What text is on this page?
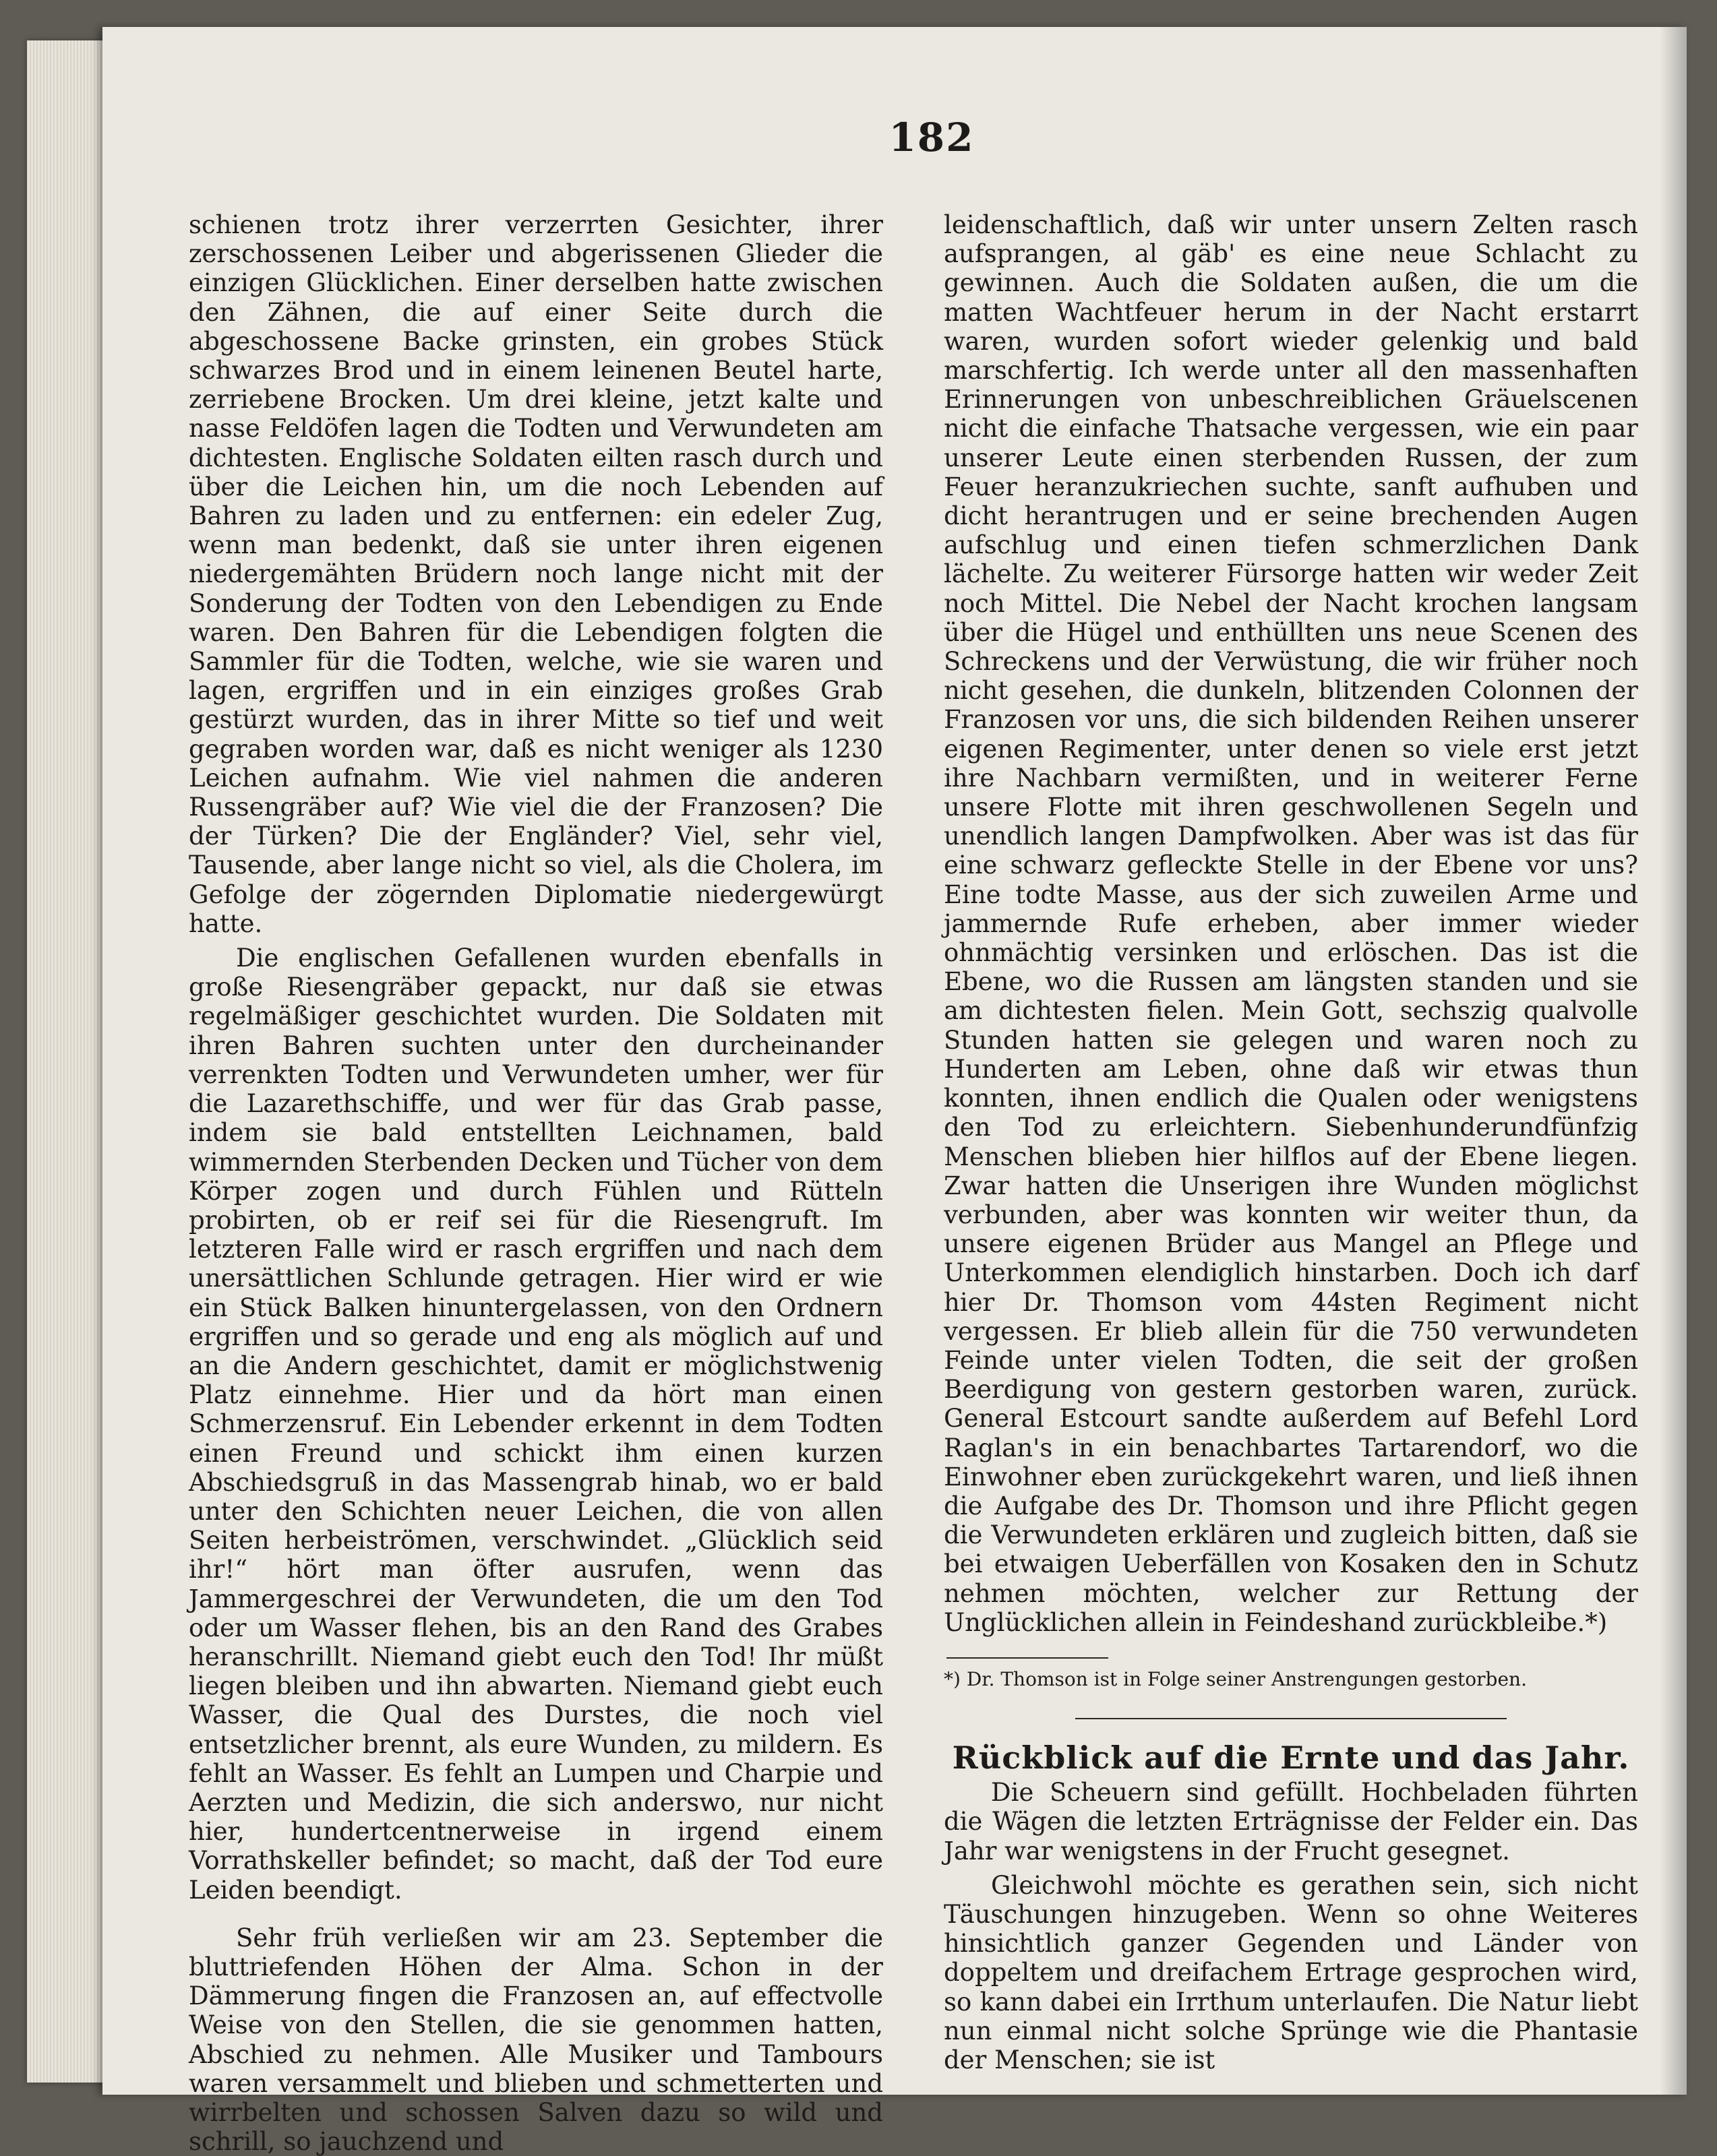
182

schienen trotz ihrer verzerrten Gesichter, ihrer zerschossenen Leiber und abgerissenen Glieder die einzigen Glücklichen. Einer derselben hatte zwischen den Zähnen, die auf einer Seite durch die abgeschossene Backe grinsten, ein grobes Stück schwarzes Brod und in einem leinenen Beutel harte, zerriebene Brocken. Um drei kleine, jetzt kalte und nasse Feldöfen lagen die Todten und Verwundeten am dichtesten. Englische Soldaten eilten rasch durch und über die Leichen hin, um die noch Lebenden auf Bahren zu laden und zu entfernen: ein edeler Zug, wenn man bedenkt, daß sie unter ihren eigenen niedergemähten Brüdern noch lange nicht mit der Sonderung der Todten von den Lebendigen zu Ende waren. Den Bahren für die Lebendigen folgten die Sammler für die Todten, welche, wie sie waren und lagen, ergriffen und in ein einziges großes Grab gestürzt wurden, das in ihrer Mitte so tief und weit gegraben worden war, daß es nicht weniger als 1230 Leichen aufnahm. Wie viel nahmen die anderen Russengräber auf? Wie viel die der Franzosen? Die der Türken? Die der Engländer? Viel, sehr viel, Tausende, aber lange nicht so viel, als die Cholera, im Gefolge der zögernden Diplomatie niedergewürgt hatte.

Die englischen Gefallenen wurden ebenfalls in große Riesengräber gepackt, nur daß sie etwas regelmäßiger geschichtet wurden. Die Soldaten mit ihren Bahren suchten unter den durcheinander verrenkten Todten und Verwundeten umher, wer für die Lazarethschiffe, und wer für das Grab passe, indem sie bald entstellten Leichnamen, bald wimmernden Sterbenden Decken und Tücher von dem Körper zogen und durch Fühlen und Rütteln probirten, ob er reif sei für die Riesengruft. Im letzteren Falle wird er rasch ergriffen und nach dem unersättlichen Schlunde getragen. Hier wird er wie ein Stück Balken hinuntergelassen, von den Ordnern ergriffen und so gerade und eng als möglich auf und an die Andern geschichtet, damit er möglichstwenig Platz einnehme. Hier und da hört man einen Schmerzensruf. Ein Lebender erkennt in dem Todten einen Freund und schickt ihm einen kurzen Abschiedsgruß in das Massengrab hinab, wo er bald unter den Schichten neuer Leichen, die von allen Seiten herbeiströmen, verschwindet. „Glücklich seid ihr!“ hört man öfter ausrufen, wenn das Jammergeschrei der Verwundeten, die um den Tod oder um Wasser flehen, bis an den Rand des Grabes heranschrillt. Niemand giebt euch den Tod! Ihr müßt liegen bleiben und ihn abwarten. Niemand giebt euch Wasser, die Qual des Durstes, die noch viel entsetzlicher brennt, als eure Wunden, zu mildern. Es fehlt an Wasser. Es fehlt an Lumpen und Charpie und Aerzten und Medizin, die sich anderswo, nur nicht hier, hundertcentnerweise in irgend einem Vorrathskeller befindet; so macht, daß der Tod eure Leiden beendigt.

Sehr früh verließen wir am 23. September die bluttriefenden Höhen der Alma. Schon in der Dämmerung fingen die Franzosen an, auf effectvolle Weise von den Stellen, die sie genommen hatten, Abschied zu nehmen. Alle Musiker und Tambours waren versammelt und blieben und schmetterten und wirrbelten und schossen Salven dazu so wild und schrill, so jauchzend und

leidenschaftlich, daß wir unter unsern Zelten rasch aufsprangen, al gäb' es eine neue Schlacht zu gewinnen. Auch die Soldaten außen, die um die matten Wachtfeuer herum in der Nacht erstarrt waren, wurden sofort wieder gelenkig und bald marschfertig. Ich werde unter all den massenhaften Erinnerungen von unbeschreiblichen Gräuelscenen nicht die einfache Thatsache vergessen, wie ein paar unserer Leute einen sterbenden Russen, der zum Feuer heranzukriechen suchte, sanft aufhuben und dicht herantrugen und er seine brechenden Augen aufschlug und einen tiefen schmerzlichen Dank lächelte. Zu weiterer Fürsorge hatten wir weder Zeit noch Mittel. Die Nebel der Nacht krochen langsam über die Hügel und enthüllten uns neue Scenen des Schreckens und der Verwüstung, die wir früher noch nicht gesehen, die dunkeln, blitzenden Colonnen der Franzosen vor uns, die sich bildenden Reihen unserer eigenen Regimenter, unter denen so viele erst jetzt ihre Nachbarn vermißten, und in weiterer Ferne unsere Flotte mit ihren geschwollenen Segeln und unendlich langen Dampfwolken. Aber was ist das für eine schwarz gefleckte Stelle in der Ebene vor uns? Eine todte Masse, aus der sich zuweilen Arme und jammernde Rufe erheben, aber immer wieder ohnmächtig versinken und erlöschen. Das ist die Ebene, wo die Russen am längsten standen und sie am dichtesten fielen. Mein Gott, sechszig qualvolle Stunden hatten sie gelegen und waren noch zu Hunderten am Leben, ohne daß wir etwas thun konnten, ihnen endlich die Qualen oder wenigstens den Tod zu erleichtern. Siebenhunderundfünfzig Menschen blieben hier hilflos auf der Ebene liegen. Zwar hatten die Unserigen ihre Wunden möglichst verbunden, aber was konnten wir weiter thun, da unsere eigenen Brüder aus Mangel an Pflege und Unterkommen elendiglich hinstarben. Doch ich darf hier Dr. Thomson vom 44sten Regiment nicht vergessen. Er blieb allein für die 750 verwundeten Feinde unter vielen Todten, die seit der großen Beerdigung von gestern gestorben waren, zurück. General Estcourt sandte außerdem auf Befehl Lord Raglan's in ein benachbartes Tartarendorf, wo die Einwohner eben zurückgekehrt waren, und ließ ihnen die Aufgabe des Dr. Thomson und ihre Pflicht gegen die Verwundeten erklären und zugleich bitten, daß sie bei etwaigen Ueberfällen von Kosaken den in Schutz nehmen möchten, welcher zur Rettung der Unglücklichen allein in Feindeshand zurückbleibe.*)

*) Dr. Thomson ist in Folge seiner Anstrengungen gestorben.

Rückblick auf die Ernte und das Jahr.

Die Scheuern sind gefüllt. Hochbeladen führten die Wägen die letzten Erträgnisse der Felder ein. Das Jahr war wenigstens in der Frucht gesegnet.

Gleichwohl möchte es gerathen sein, sich nicht Täuschungen hinzugeben. Wenn so ohne Weiteres hinsichtlich ganzer Gegenden und Länder von doppeltem und dreifachem Ertrage gesprochen wird, so kann dabei ein Irrthum unterlaufen. Die Natur liebt nun einmal nicht solche Sprünge wie die Phantasie der Menschen; sie ist
